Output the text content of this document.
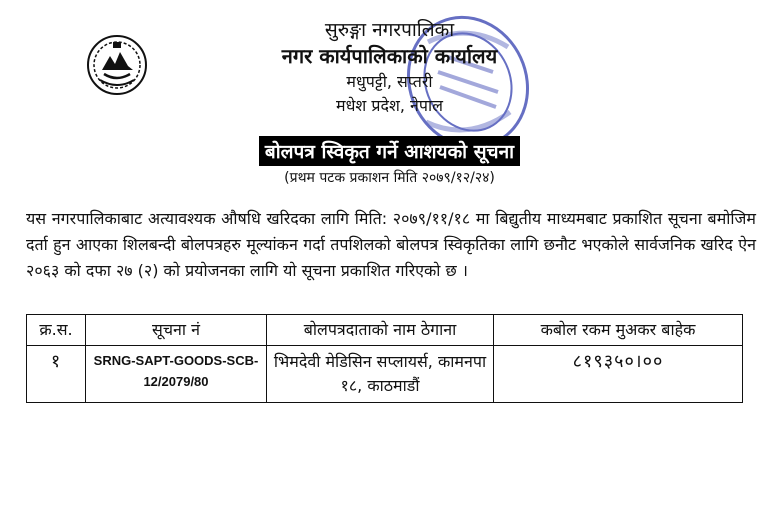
सुरुङ्गा नगरपालिका
नगर कार्यपालिकाको कार्यालय
मधुपट्टी, सप्तरी
मधेश प्रदेश, नेपाल
बोलपत्र स्विकृत गर्ने आशयको सूचना
(प्रथम पटक प्रकाशन मिति २०७९/१२/२४)

यस नगरपालिकाबाट अत्यावश्यक औषधि खरिदका लागि मिति: २०७९/११/१८ मा बिद्युतीय माध्यमबाट प्रकाशित सूचना बमोजिम दर्ता हुन आएका शिलबन्दी बोलपत्रहरु मूल्यांकन गर्दा तपशिलको बोलपत्र स्विकृतिका लागि छनौट भएकोले सार्वजनिक खरिद ऐन २०६३ को दफा २७ (२) को प्रयोजनका लागि यो सूचना प्रकाशित गरिएको छ ।

क्र.स.	सूचना नं	बोलपत्रदाताको नाम ठेगाना	कबोल रकम मुअकर बाहेक
१	SRNG-SAPT-GOODS-SCB-12/2079/80	भिमदेवी मेडिसिन सप्लायर्स, कामनपा १८, काठमाडौं	८१९३५०।००
